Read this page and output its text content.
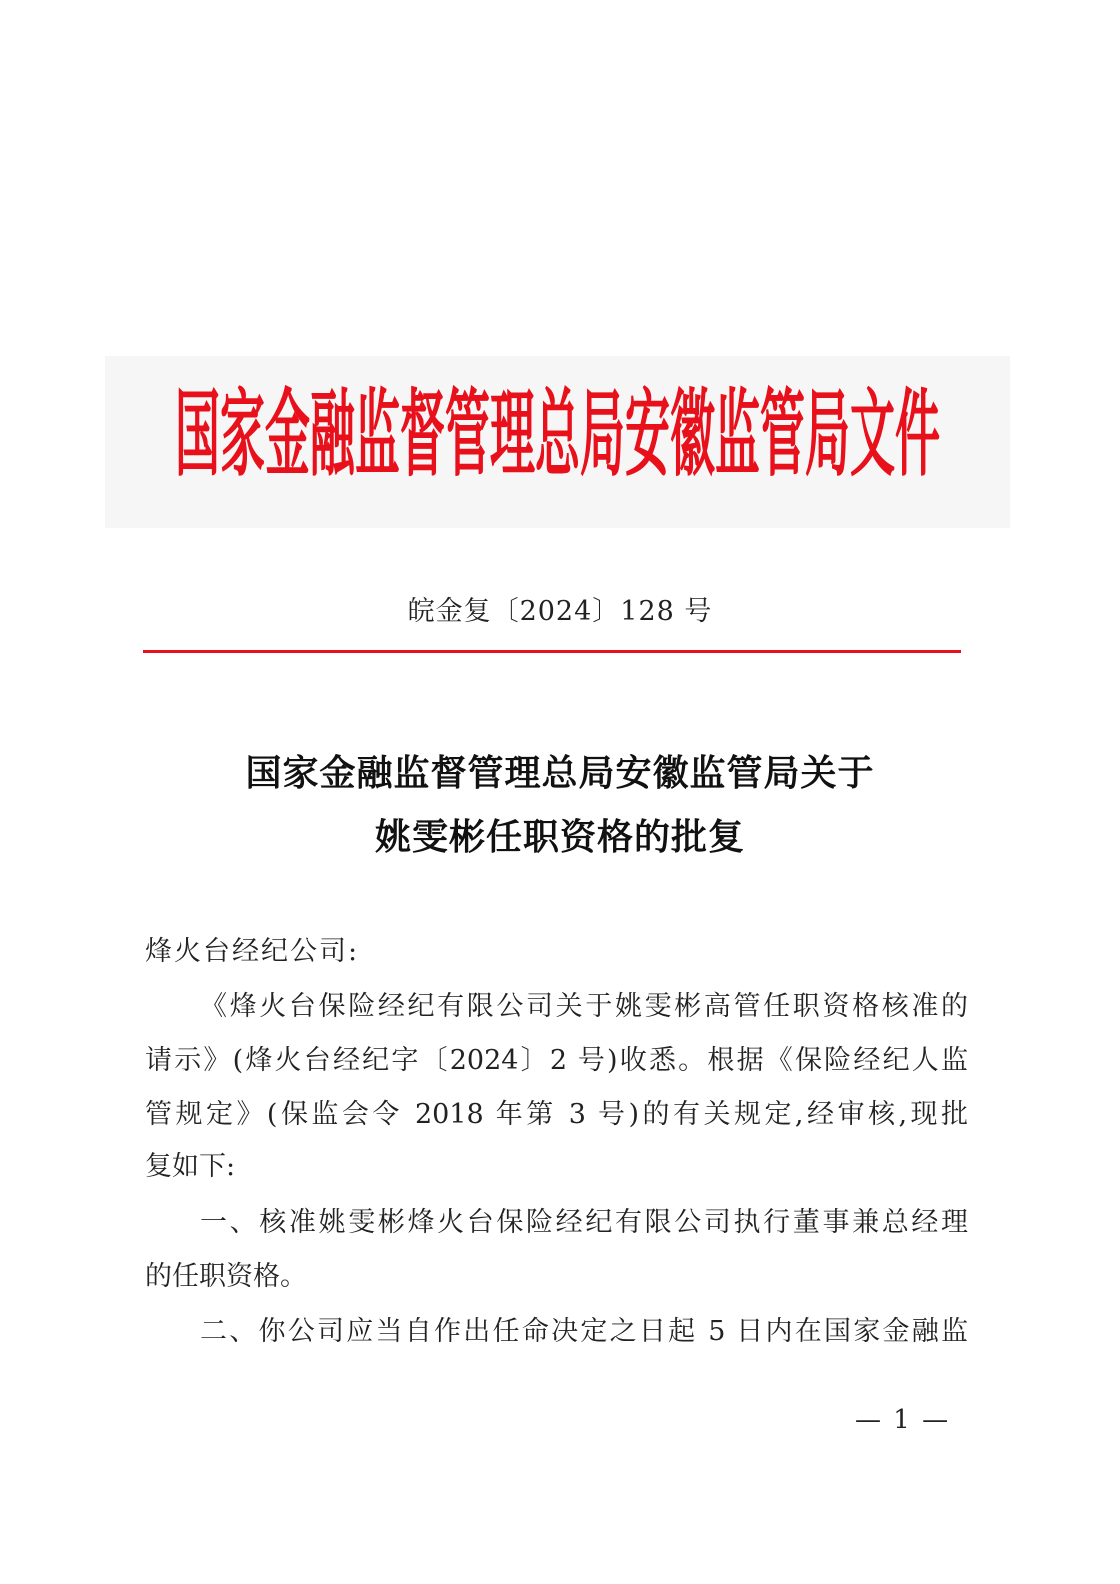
国家金融监督管理总局安徽监管局文件
皖金复〔2024〕128 号
国家金融监督管理总局安徽监管局关于
姚雯彬任职资格的批复
烽火台经纪公司:
《烽火台保险经纪有限公司关于姚雯彬高管任职资格核准的
请示》(烽火台经纪字〔2024〕2 号)收悉。根据《保险经纪人监
管规定》(保监会令 2018 年第 3 号)的有关规定,经审核,现批
复如下:
一、核准姚雯彬烽火台保险经纪有限公司执行董事兼总经理
的任职资格。
二、你公司应当自作出任命决定之日起 5 日内在国家金融监
— 1 —
